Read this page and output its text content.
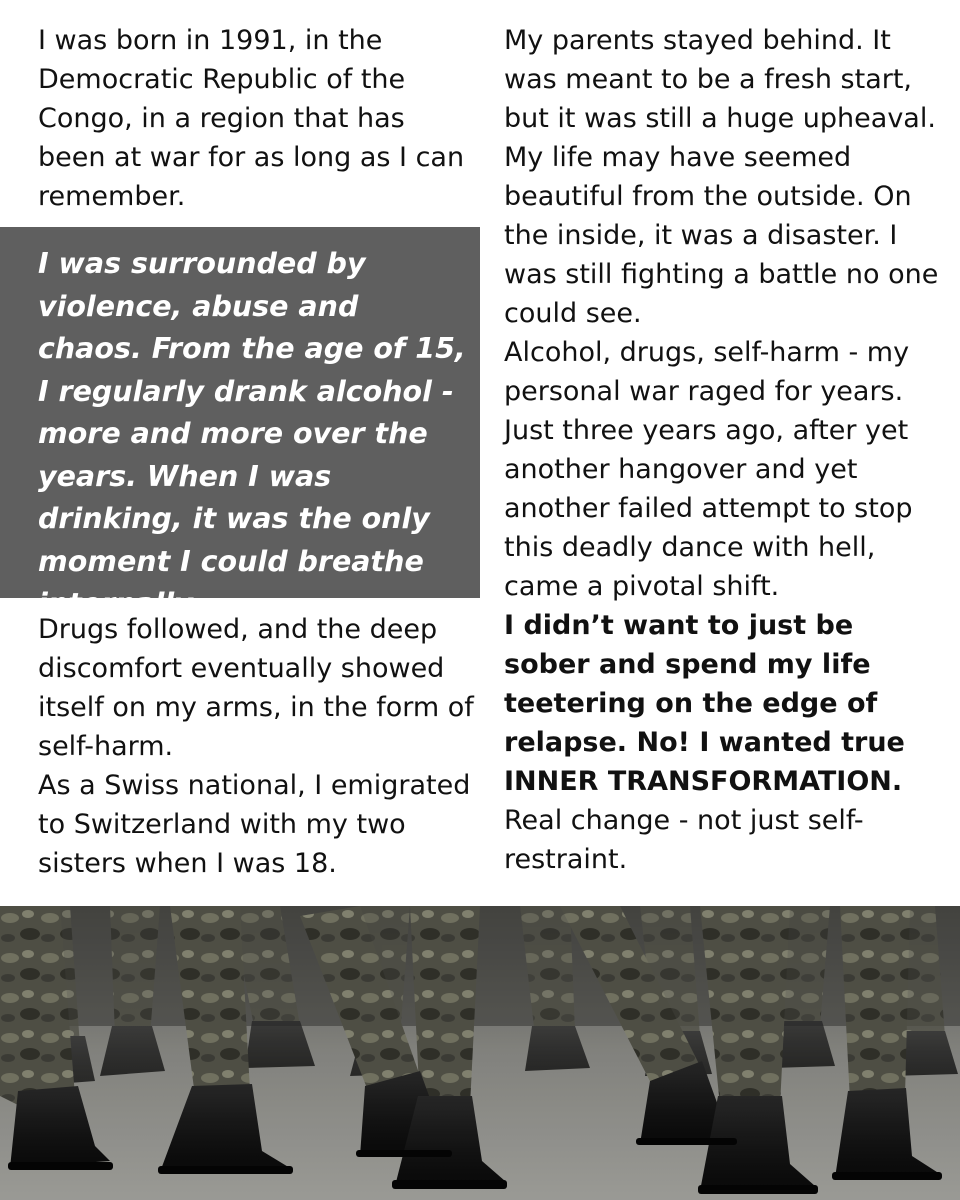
I was born in 1991, in the Democratic Republic of the Congo, in a region that has been at war for as long as I can remember.

I was surrounded by violence, abuse and chaos. From the age of 15, I regularly drank alcohol - more and more over the years. When I was drinking, it was the only moment I could breathe internally.

Drugs followed, and the deep discomfort eventually showed itself on my arms, in the form of self-harm.

As a Swiss national, I emigrated to Switzerland with my two sisters when I was 18.

My parents stayed behind. It was meant to be a fresh start, but it was still a huge upheaval. My life may have seemed beautiful from the outside. On the inside, it was a disaster. I was still fighting a battle no one could see.

Alcohol, drugs, self-harm - my personal war raged for years. Just three years ago, after yet another hangover and yet another failed attempt to stop this deadly dance with hell, came a pivotal shift.

I didn’t want to just be sober and spend my life teetering on the edge of relapse. No! I wanted true INNER TRANSFORMATION. Real change - not just self-restraint.
